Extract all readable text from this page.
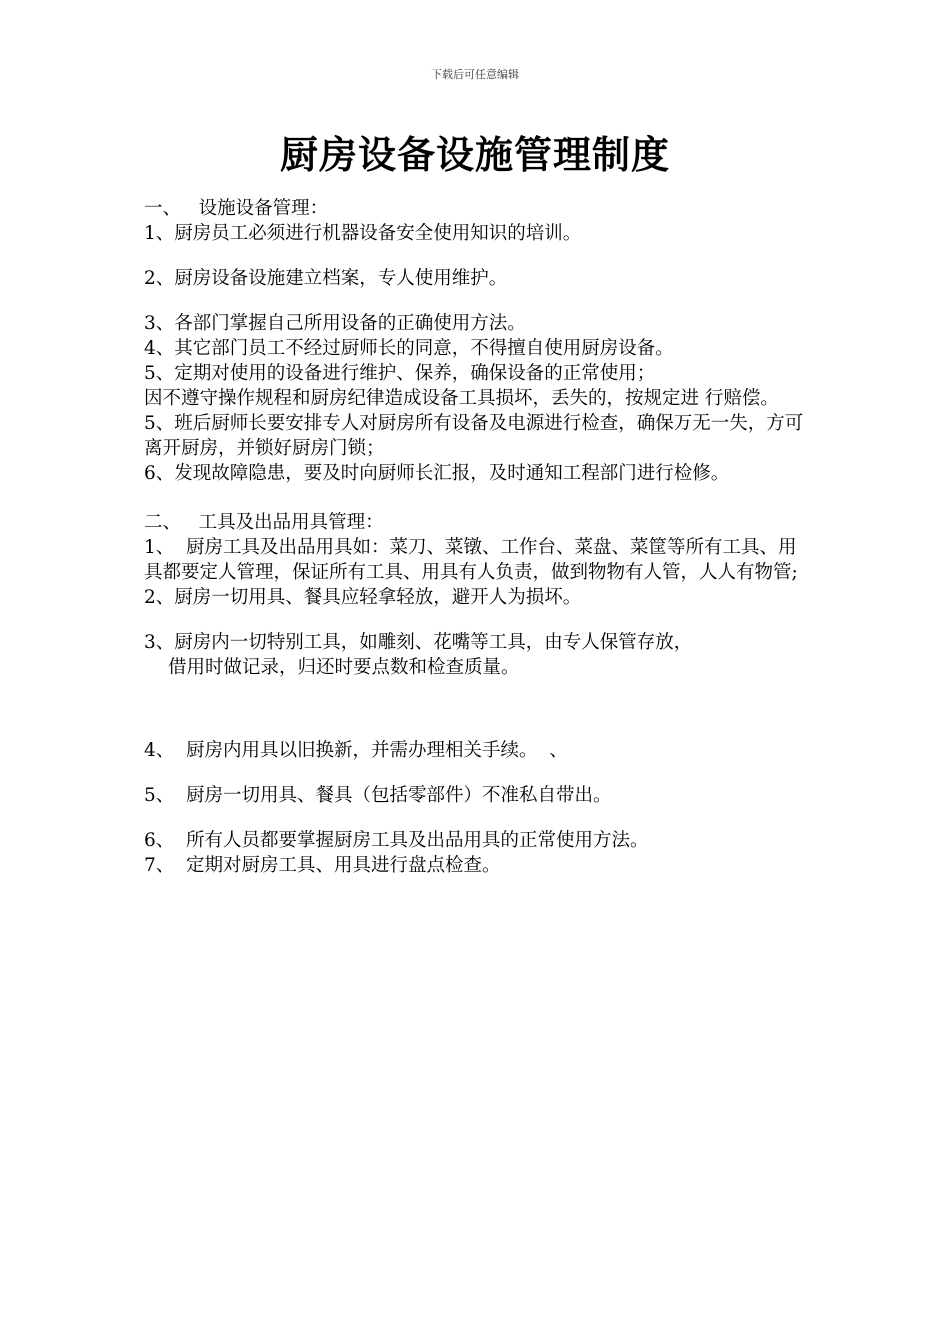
下载后可任意编辑
厨房设备设施管理制度
一、   设施设备管理：
1、厨房员工必须进行机器设备安全使用知识的培训。
2、厨房设备设施建立档案，专人使用维护。
3、各部门掌握自己所用设备的正确使用方法。
4、其它部门员工不经过厨师长的同意，不得擅自使用厨房设备。
5、定期对使用的设备进行维护、保养，确保设备的正常使用；
因不遵守操作规程和厨房纪律造成设备工具损坏，丢失的，按规定进 行赔偿。
5、班后厨师长要安排专人对厨房所有设备及电源进行检查，确保万无一失，方可离开厨房，并锁好厨房门锁；
6、发现故障隐患，要及时向厨师长汇报，及时通知工程部门进行检修。
二、   工具及出品用具管理：
1、  厨房工具及出品用具如：菜刀、菜镦、工作台、菜盘、菜筐等所有工具、用具都要定人管理，保证所有工具、用具有人负责，做到物物有人管，人人有物管;
2、厨房一切用具、餐具应轻拿轻放，避开人为损坏。
3、厨房内一切特别工具，如雕刻、花嘴等工具，由专人保管存放，
借用时做记录，归还时要点数和检查质量。
4、  厨房内用具以旧换新，并需办理相关手续。  、
5、  厨房一切用具、餐具（包括零部件）不准私自带出。
6、  所有人员都要掌握厨房工具及出品用具的正常使用方法。
7、  定期对厨房工具、用具进行盘点检查。
